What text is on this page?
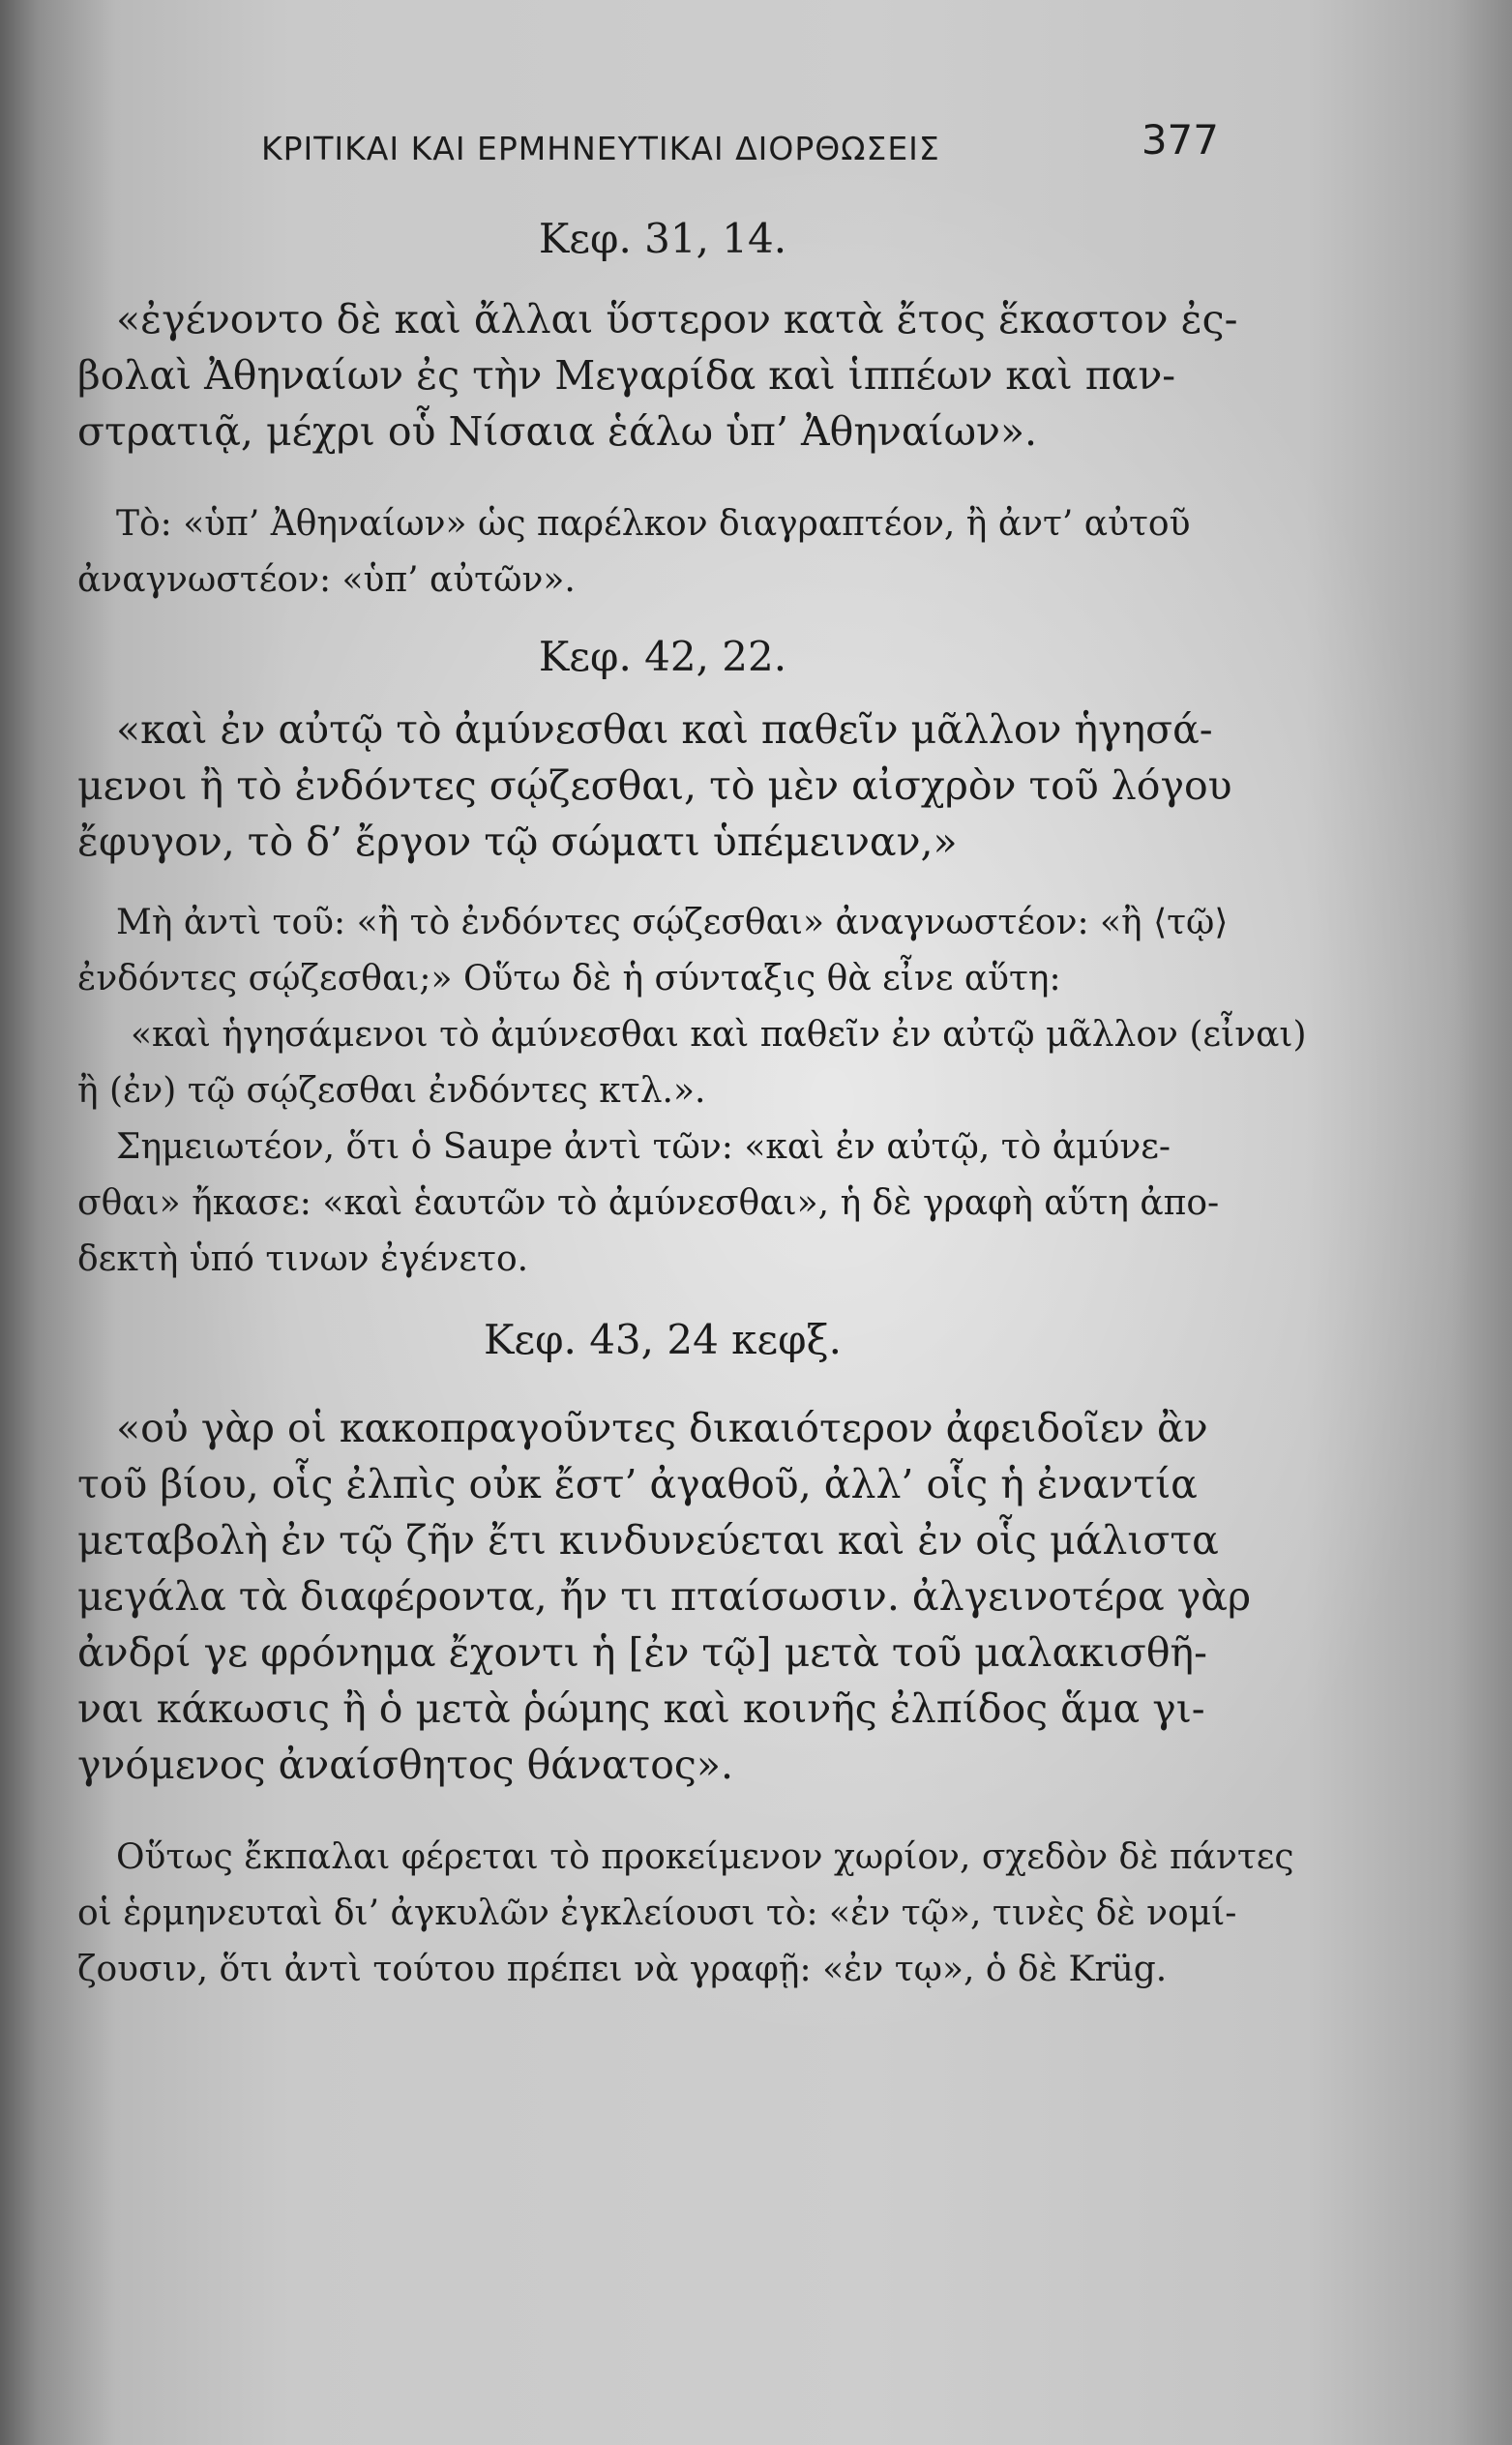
ΚΡΙΤΙΚΑΙ ΚΑΙ ΕΡΜΗΝΕΥΤΙΚΑΙ ΔΙΟΡΘΩΣΕΙΣ	377
Κεφ. 31, 14.
«ἐγένοντο δὲ καὶ ἄλλαι ὕστερον κατὰ ἔτος ἕκαστον ἐς-
βολαὶ Ἀθηναίων ἐς τὴν Μεγαρίδα καὶ ἱππέων καὶ παν-
στρατιᾷ, μέχρι οὗ Νίσαια ἑάλω ὑπ’ Ἀθηναίων».
Τὸ: «ὑπ’ Ἀθηναίων» ὡς παρέλκον διαγραπτέον, ἢ ἀντ’ αὐτοῦ
ἀναγνωστέον: «ὑπ’ αὐτῶν».
Κεφ. 42, 22.
«καὶ ἐν αὐτῷ τὸ ἀμύνεσθαι καὶ παθεῖν μᾶλλον ἡγησά-
μενοι ἢ τὸ ἐνδόντες σῴζεσθαι, τὸ μὲν αἰσχρὸν τοῦ λόγου
ἔφυγον, τὸ δ’ ἔργον τῷ σώματι ὑπέμειναν,»
Μὴ ἀντὶ τοῦ: «ἢ τὸ ἐνδόντες σῴζεσθαι» ἀναγνωστέον: «ἢ ⟨τῷ⟩
ἐνδόντες σῴζεσθαι;» Οὕτω δὲ ἡ σύνταξις θὰ εἶνε αὕτη:
«καὶ ἡγησάμενοι τὸ ἀμύνεσθαι καὶ παθεῖν ἐν αὐτῷ μᾶλλον (εἶναι)
ἢ (ἐν) τῷ σῴζεσθαι ἐνδόντες κτλ.».
Σημειωτέον, ὅτι ὁ Saupe ἀντὶ τῶν: «καὶ ἐν αὐτῷ, τὸ ἀμύνε-
σθαι» ἤκασε: «καὶ ἑαυτῶν τὸ ἀμύνεσθαι», ἡ δὲ γραφὴ αὕτη ἀπο-
δεκτὴ ὑπό τινων ἐγένετο.
Κεφ. 43, 24 κεφξ.
«οὐ γὰρ οἱ κακοπραγοῦντες δικαιότερον ἀφειδοῖεν ἂν
τοῦ βίου, οἷς ἐλπὶς οὐκ ἔστ’ ἀγαθοῦ, ἀλλ’ οἷς ἡ ἐναντία
μεταβολὴ ἐν τῷ ζῆν ἔτι κινδυνεύεται καὶ ἐν οἷς μάλιστα
μεγάλα τὰ διαφέροντα, ἤν τι πταίσωσιν. ἀλγεινοτέρα γὰρ
ἀνδρί γε φρόνημα ἔχοντι ἡ [ἐν τῷ] μετὰ τοῦ μαλακισθῆ-
ναι κάκωσις ἢ ὁ μετὰ ῥώμης καὶ κοινῆς ἐλπίδος ἅμα γι-
γνόμενος ἀναίσθητος θάνατος».
Οὕτως ἔκπαλαι φέρεται τὸ προκείμενον χωρίον, σχεδὸν δὲ πάντες
οἱ ἑρμηνευταὶ δι’ ἀγκυλῶν ἐγκλείουσι τὸ: «ἐν τῷ», τινὲς δὲ νομί-
ζουσιν, ὅτι ἀντὶ τούτου πρέπει νὰ γραφῇ: «ἐν τῳ», ὁ δὲ Krüg.
